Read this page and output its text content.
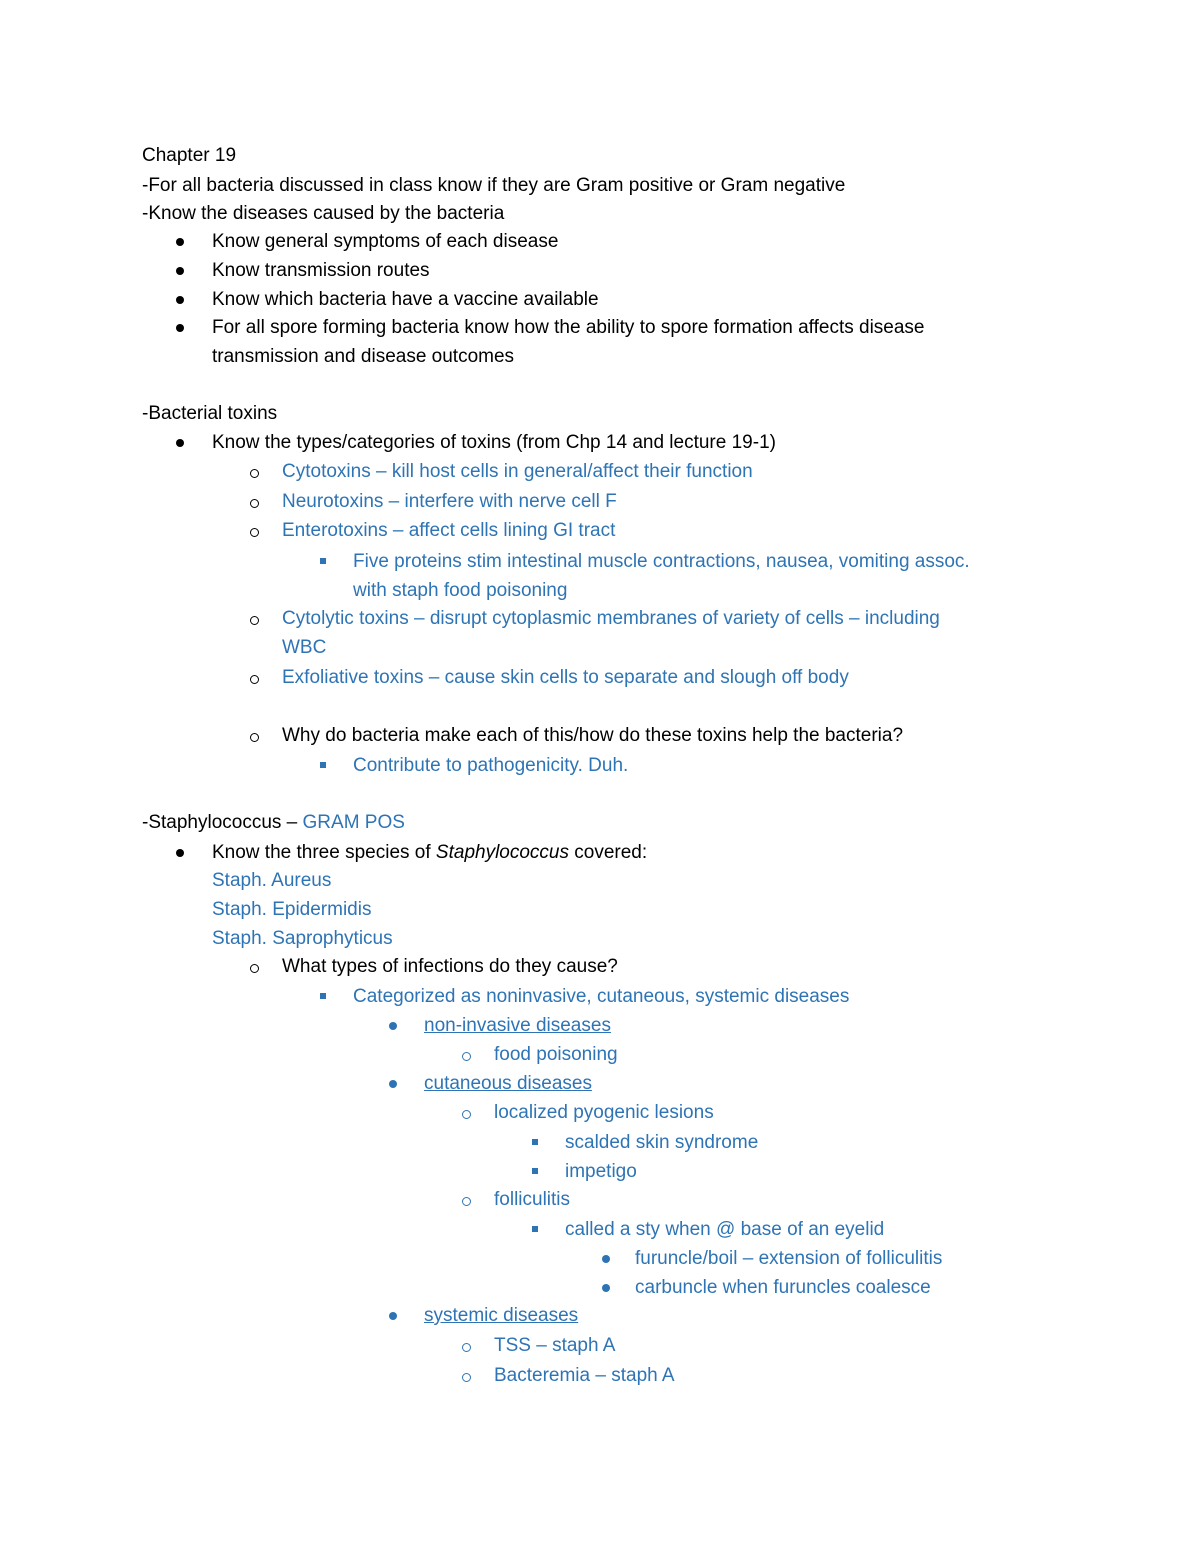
Chapter 19
-For all bacteria discussed in class know if they are Gram positive or Gram negative
-Know the diseases caused by the bacteria
Know general symptoms of each disease
Know transmission routes
Know which bacteria have a vaccine available
For all spore forming bacteria know how the ability to spore formation affects disease
transmission and disease outcomes
-Bacterial toxins
Know the types/categories of toxins (from Chp 14 and lecture 19-1)
Cytotoxins – kill host cells in general/affect their function
Neurotoxins – interfere with nerve cell F
Enterotoxins – affect cells lining GI tract
Five proteins stim intestinal muscle contractions, nausea, vomiting assoc.
with staph food poisoning
Cytolytic toxins – disrupt cytoplasmic membranes of variety of cells – including
WBC
Exfoliative toxins – cause skin cells to separate and slough off body
Why do bacteria make each of this/how do these toxins help the bacteria?
Contribute to pathogenicity. Duh.
-Staphylococcus – GRAM POS
Know the three species of Staphylococcus covered:
Staph. Aureus
Staph. Epidermidis
Staph. Saprophyticus
What types of infections do they cause?
Categorized as noninvasive, cutaneous, systemic diseases
non-invasive diseases
food poisoning
cutaneous diseases
localized pyogenic lesions
scalded skin syndrome
impetigo
folliculitis
called a sty when @ base of an eyelid
furuncle/boil – extension of folliculitis
carbuncle when furuncles coalesce
systemic diseases
TSS – staph A
Bacteremia – staph A
